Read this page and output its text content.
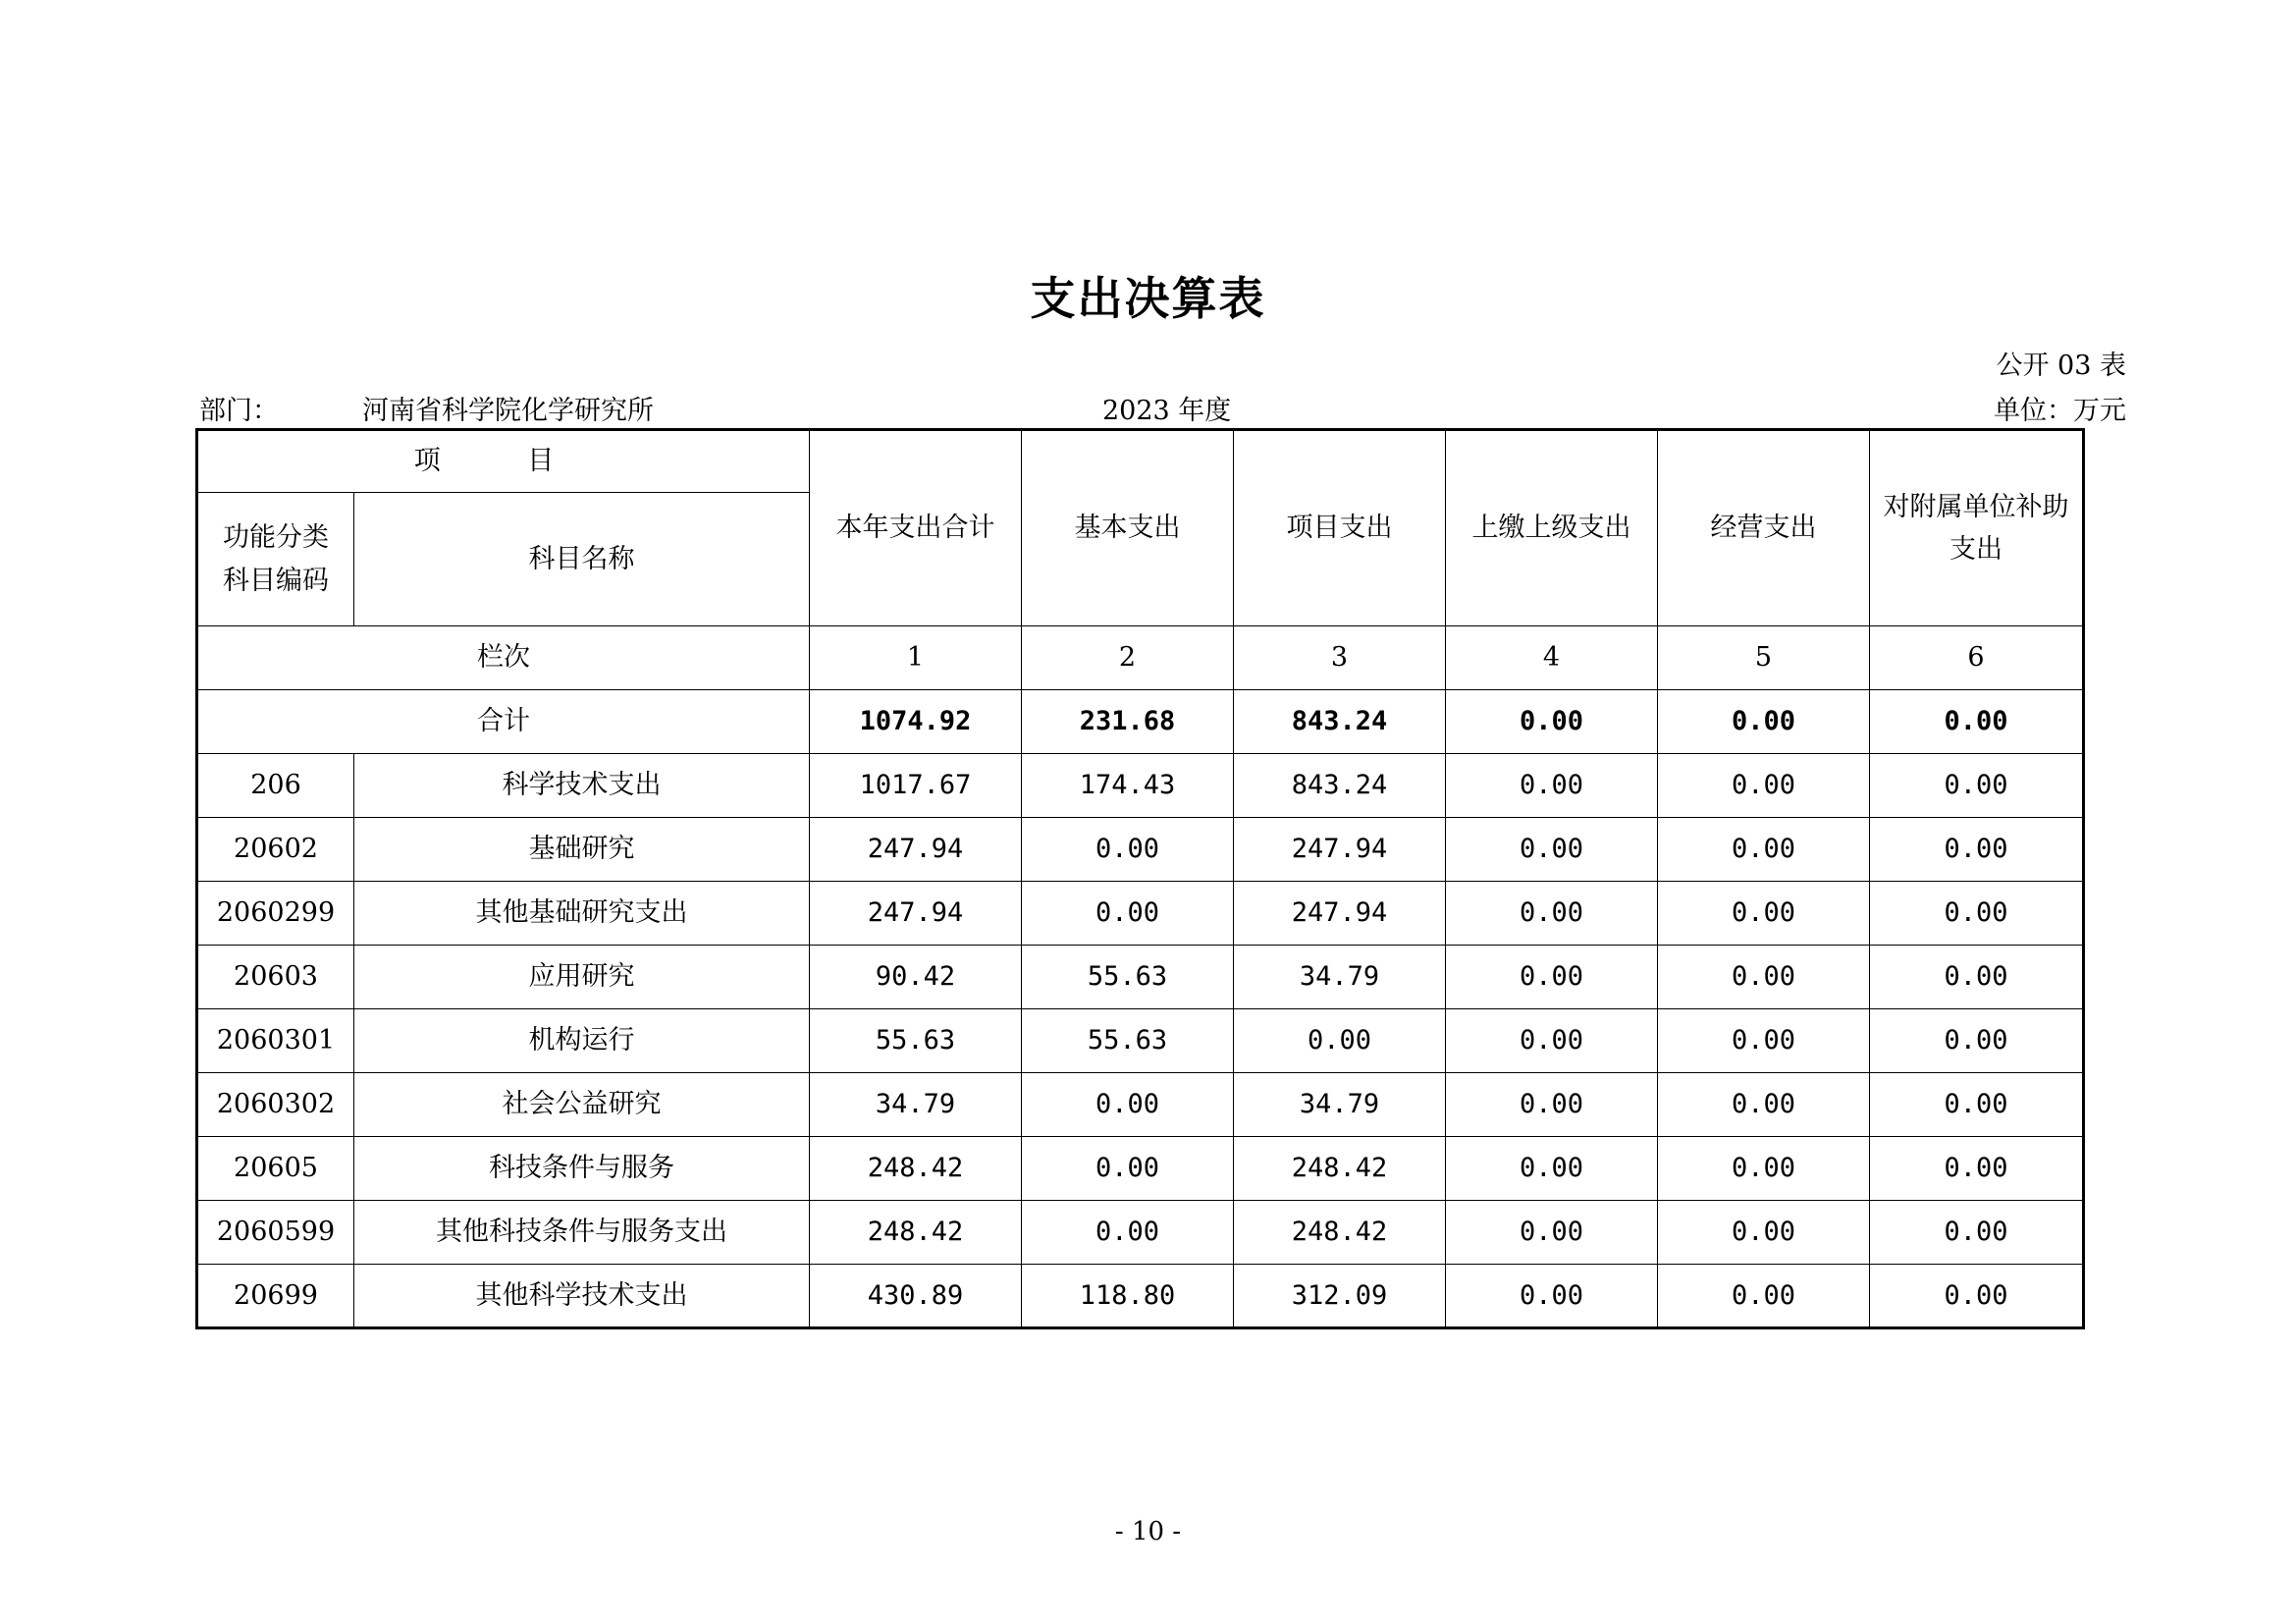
支出决算表
公开 03 表
部门：	河南省科学院化学研究所	2023 年度	单位：万元
项 目		本年支出合计	基本支出	项目支出	上缴上级支出	经营支出	对附属单位补助支出
功能分类科目编码	科目名称						
栏次		1	2	3	4	5	6
合计		1074.92	231.68	843.24	0.00	0.00	0.00
206	科学技术支出	1017.67	174.43	843.24	0.00	0.00	0.00
20602	基础研究	247.94	0.00	247.94	0.00	0.00	0.00
2060299	其他基础研究支出	247.94	0.00	247.94	0.00	0.00	0.00
20603	应用研究	90.42	55.63	34.79	0.00	0.00	0.00
2060301	机构运行	55.63	55.63	0.00	0.00	0.00	0.00
2060302	社会公益研究	34.79	0.00	34.79	0.00	0.00	0.00
20605	科技条件与服务	248.42	0.00	248.42	0.00	0.00	0.00
2060599	其他科技条件与服务支出	248.42	0.00	248.42	0.00	0.00	0.00
20699	其他科学技术支出	430.89	118.80	312.09	0.00	0.00	0.00
- 10 -
